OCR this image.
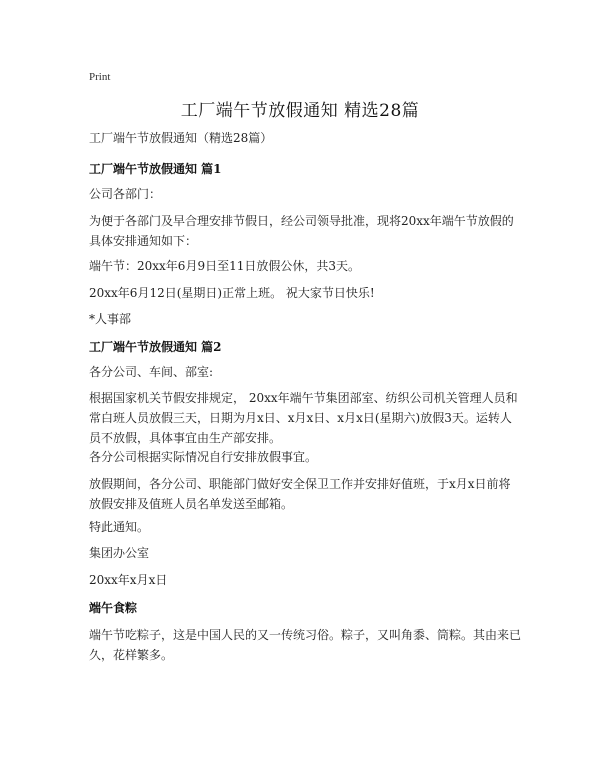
Print
工厂端午节放假通知 精选28篇

工厂端午节放假通知（精选28篇）

工厂端午节放假通知 篇1

公司各部门：

为便于各部门及早合理安排节假日，经公司领导批准，现将20xx年端午节放假的具体安排通知如下：

端午节：20xx年6月9日至11日放假公休，共3天。

20xx年6月12日(星期日)正常上班。 祝大家节日快乐!

*人事部

工厂端午节放假通知 篇2

各分公司、车间、部室:

根据国家机关节假安排规定， 20xx年端午节集团部室、纺织公司机关管理人员和常白班人员放假三天，日期为月x日、x月x日、x月x日(星期六)放假3天。运转人员不放假，具体事宜由生产部安排。

各分公司根据实际情况自行安排放假事宜。

放假期间，各分公司、职能部门做好安全保卫工作并安排好值班，于x月x日前将放假安排及值班人员名单发送至邮箱。

特此通知。

集团办公室

20xx年x月x日

端午食粽

端午节吃粽子，这是中国人民的又一传统习俗。粽子，又叫角黍、筒粽。其由来已久，花样繁多。
